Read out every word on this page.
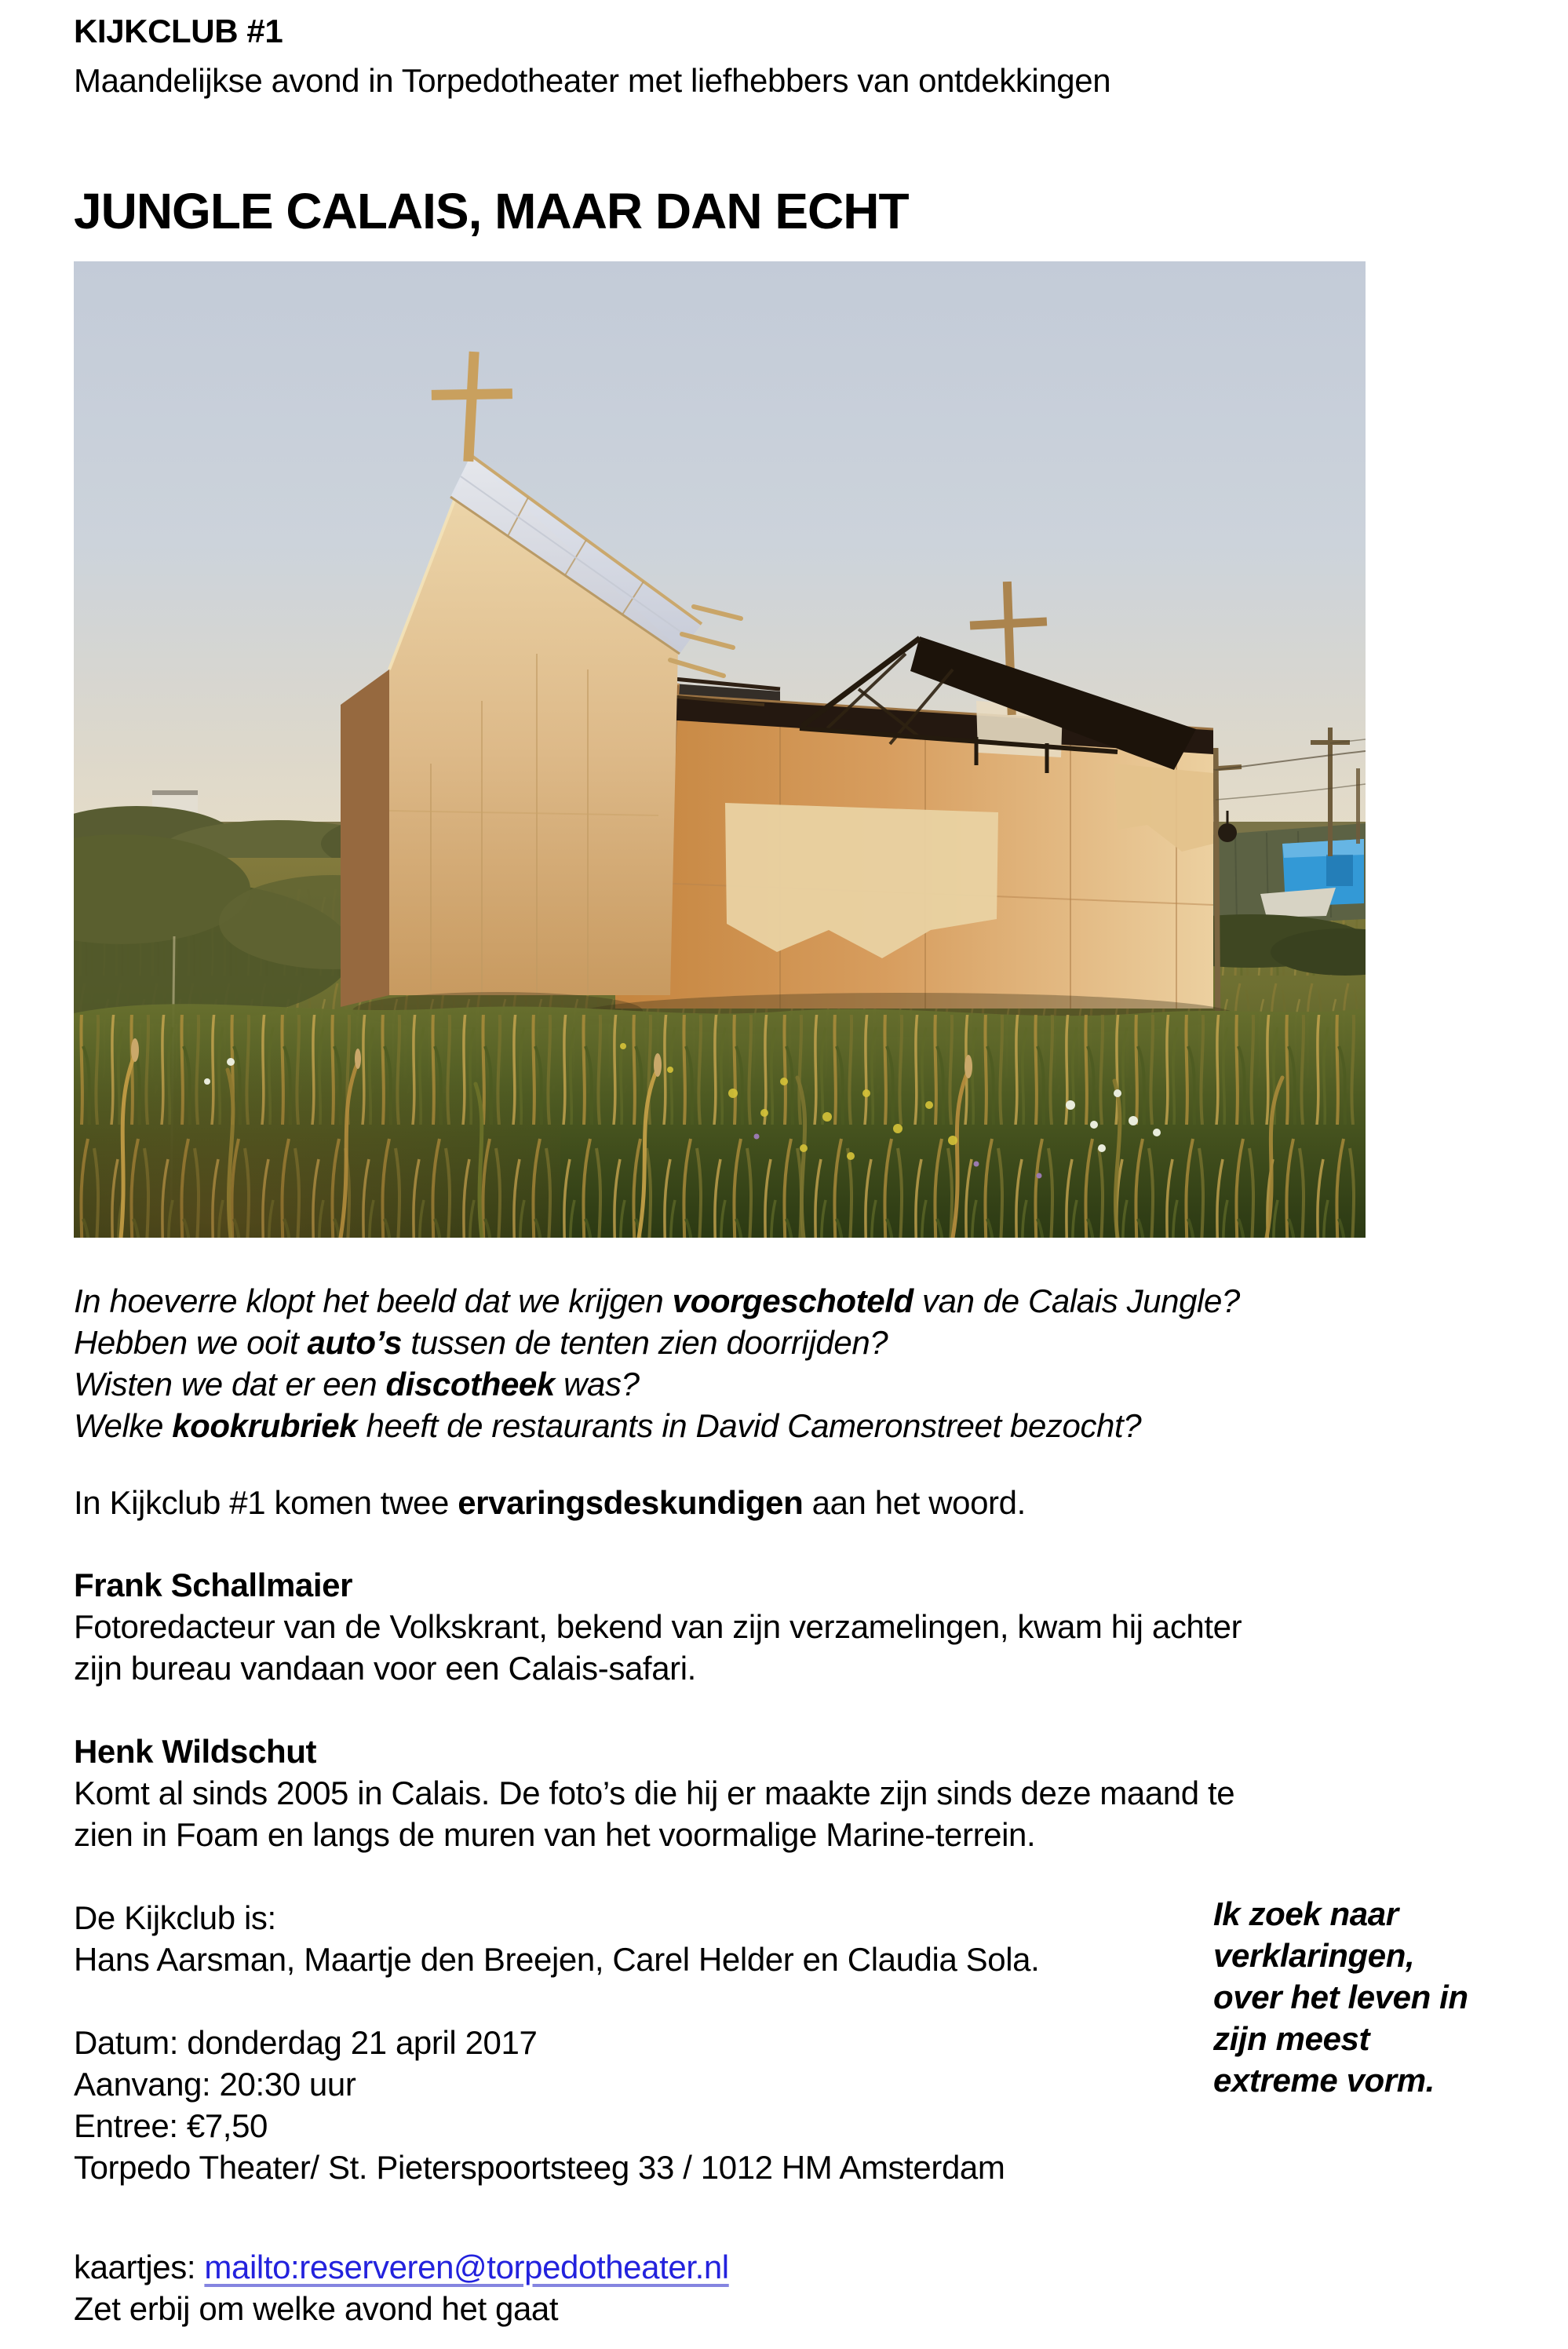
KIJKCLUB #1
Maandelijkse avond in Torpedotheater met liefhebbers van ontdekkingen
JUNGLE CALAIS, MAAR DAN ECHT
In hoeverre klopt het beeld dat we krijgen voorgeschoteld van de Calais Jungle?
Hebben we ooit auto’s tussen de tenten zien doorrijden?
Wisten we dat er een discotheek was?
Welke kookrubriek heeft de restaurants in David Cameronstreet bezocht?
In Kijkclub #1 komen twee ervaringsdeskundigen aan het woord.
Frank Schallmaier
Fotoredacteur van de Volkskrant, bekend van zijn verzamelingen, kwam hij achter
zijn bureau vandaan voor een Calais-safari.
Henk Wildschut
Komt al sinds 2005 in Calais. De foto’s die hij er maakte zijn sinds deze maand te
zien in Foam en langs de muren van het voormalige Marine-terrein.
De Kijkclub is:
Hans Aarsman, Maartje den Breejen, Carel Helder en Claudia Sola.
Ik zoek naar
verklaringen,
over het leven in
zijn meest
extreme vorm.
Datum: donderdag 21 april 2017
Aanvang: 20:30 uur
Entree: €7,50
Torpedo Theater/ St. Pieterspoortsteeg 33 / 1012 HM Amsterdam
kaartjes: mailto:reserveren@torpedotheater.nl
Zet erbij om welke avond het gaat
